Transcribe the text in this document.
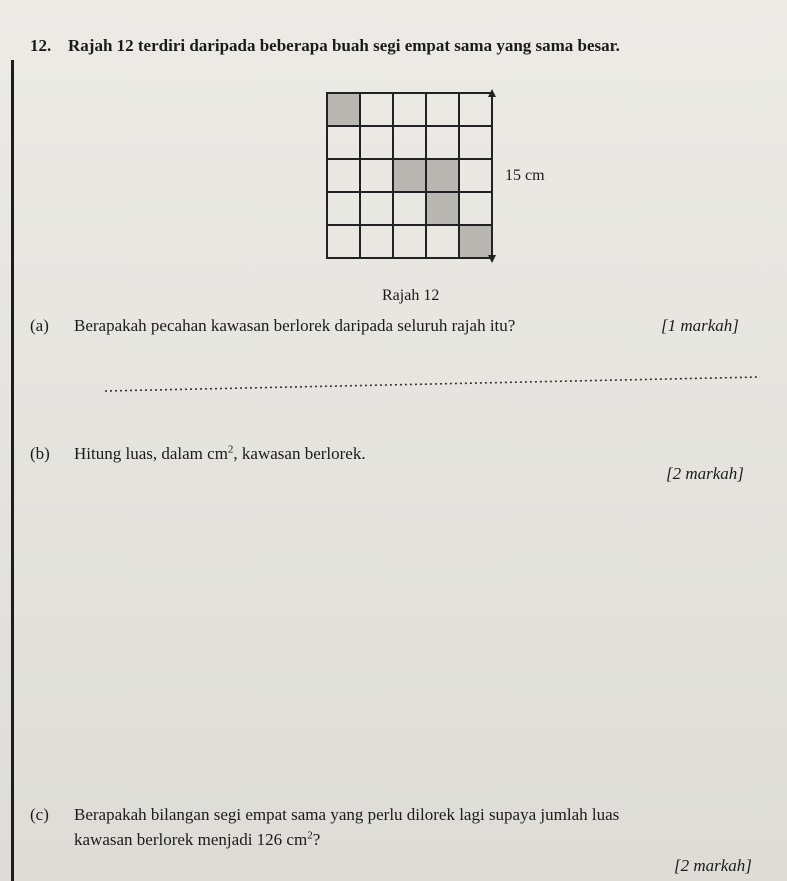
12. Rajah 12 terdiri daripada beberapa buah segi empat sama yang sama besar.
15 cm
Rajah 12
(a) Berapakah pecahan kawasan berlorek daripada seluruh rajah itu?	[1 markah]
(b) Hitung luas, dalam $cm^2$, kawasan berlorek.
[2 markah]
(c) Berapakah bilangan segi empat sama yang perlu dilorek lagi supaya jumlah luas
kawasan berlorek menjadi 126 $cm^2$?
[2 markah]
